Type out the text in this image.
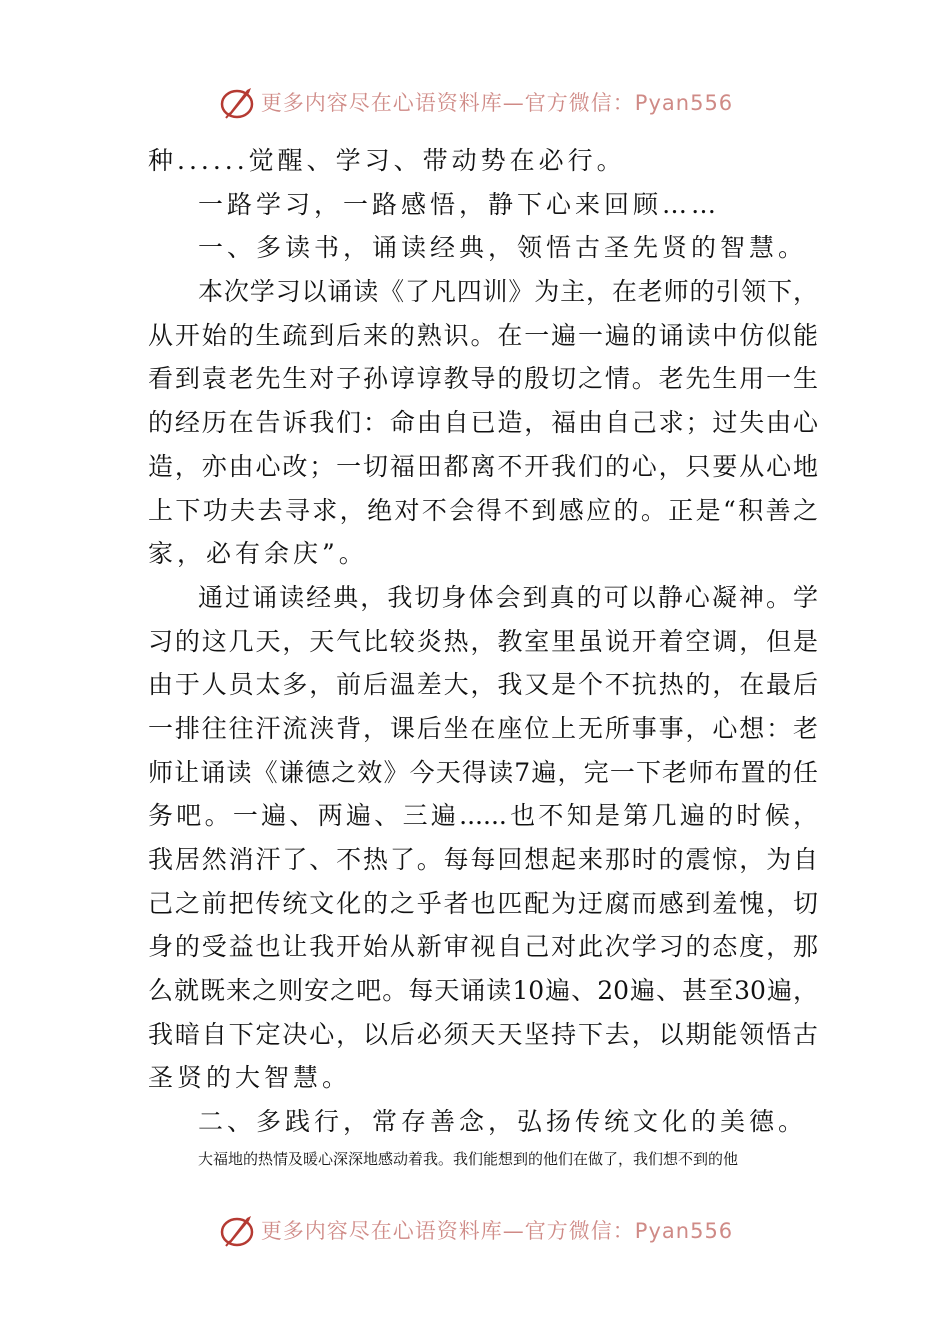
更多内容尽在心语资料库—官方微信：Pyan556
种......觉醒、学习、带动势在必行。
一路学习，一路感悟，静下心来回顾……
一、多读书，诵读经典，领悟古圣先贤的智慧。
本次学习以诵读《了凡四训》为主，在老师的引领下，
从开始的生疏到后来的熟识。在一遍一遍的诵读中仿似能
看到袁老先生对子孙谆谆教导的殷切之情。老先生用一生
的经历在告诉我们：命由自已造，福由自己求；过失由心
造，亦由心改；一切福田都离不开我们的心，只要从心地
上下功夫去寻求，绝对不会得不到感应的。正是“积善之
家，必有余庆”。
通过诵读经典，我切身体会到真的可以静心凝神。学
习的这几天，天气比较炎热，教室里虽说开着空调，但是
由于人员太多，前后温差大，我又是个不抗热的，在最后
一排往往汗流浃背，课后坐在座位上无所事事，心想：老
师让诵读《谦德之效》今天得读7遍，完一下老师布置的任
务吧。一遍、两遍、三遍......也不知是第几遍的时候，
我居然消汗了、不热了。每每回想起来那时的震惊，为自
己之前把传统文化的之乎者也匹配为迂腐而感到羞愧，切
身的受益也让我开始从新审视自己对此次学习的态度，那
么就既来之则安之吧。每天诵读10遍、20遍、甚至30遍，
我暗自下定决心，以后必须天天坚持下去，以期能领悟古
圣贤的大智慧。
二、多践行，常存善念，弘扬传统文化的美德。
大福地的热情及暖心深深地感动着我。我们能想到的他们在做了，我们想不到的他
更多内容尽在心语资料库—官方微信：Pyan556
